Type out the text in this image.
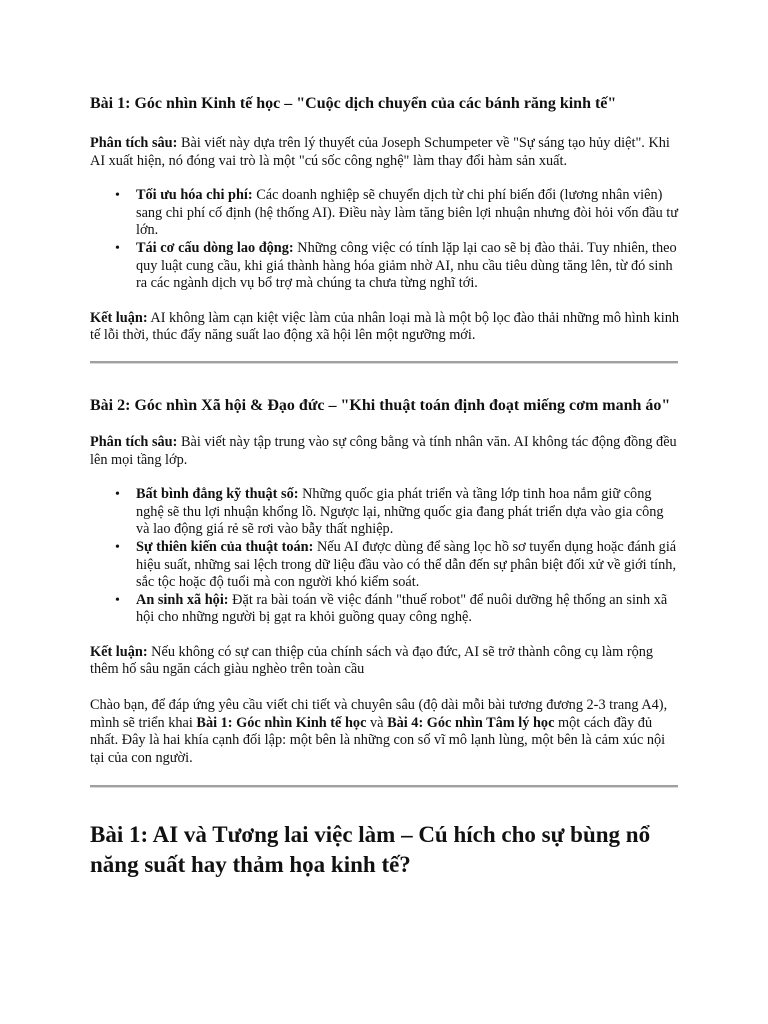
Bài 1: Góc nhìn Kinh tế học – "Cuộc dịch chuyển của các bánh răng kinh tế"

Phân tích sâu: Bài viết này dựa trên lý thuyết của Joseph Schumpeter về "Sự sáng tạo hủy diệt". Khi AI xuất hiện, nó đóng vai trò là một "cú sốc công nghệ" làm thay đổi hàm sản xuất.

• Tối ưu hóa chi phí: Các doanh nghiệp sẽ chuyển dịch từ chi phí biến đổi (lương nhân viên) sang chi phí cố định (hệ thống AI). Điều này làm tăng biên lợi nhuận nhưng đòi hỏi vốn đầu tư lớn.
• Tái cơ cấu dòng lao động: Những công việc có tính lặp lại cao sẽ bị đào thải. Tuy nhiên, theo quy luật cung cầu, khi giá thành hàng hóa giảm nhờ AI, nhu cầu tiêu dùng tăng lên, từ đó sinh ra các ngành dịch vụ bổ trợ mà chúng ta chưa từng nghĩ tới.

Kết luận: AI không làm cạn kiệt việc làm của nhân loại mà là một bộ lọc đào thải những mô hình kinh tế lỗi thời, thúc đẩy năng suất lao động xã hội lên một ngưỡng mới.

Bài 2: Góc nhìn Xã hội & Đạo đức – "Khi thuật toán định đoạt miếng cơm manh áo"

Phân tích sâu: Bài viết này tập trung vào sự công bằng và tính nhân văn. AI không tác động đồng đều lên mọi tầng lớp.

• Bất bình đẳng kỹ thuật số: Những quốc gia phát triển và tầng lớp tinh hoa nắm giữ công nghệ sẽ thu lợi nhuận khổng lồ. Ngược lại, những quốc gia đang phát triển dựa vào gia công và lao động giá rẻ sẽ rơi vào bẫy thất nghiệp.
• Sự thiên kiến của thuật toán: Nếu AI được dùng để sàng lọc hồ sơ tuyển dụng hoặc đánh giá hiệu suất, những sai lệch trong dữ liệu đầu vào có thể dẫn đến sự phân biệt đối xử về giới tính, sắc tộc hoặc độ tuổi mà con người khó kiểm soát.
• An sinh xã hội: Đặt ra bài toán về việc đánh "thuế robot" để nuôi dưỡng hệ thống an sinh xã hội cho những người bị gạt ra khỏi guồng quay công nghệ.

Kết luận: Nếu không có sự can thiệp của chính sách và đạo đức, AI sẽ trở thành công cụ làm rộng thêm hố sâu ngăn cách giàu nghèo trên toàn cầu

Chào bạn, để đáp ứng yêu cầu viết chi tiết và chuyên sâu (độ dài mỗi bài tương đương 2-3 trang A4), mình sẽ triển khai Bài 1: Góc nhìn Kinh tế học và Bài 4: Góc nhìn Tâm lý học một cách đầy đủ nhất. Đây là hai khía cạnh đối lập: một bên là những con số vĩ mô lạnh lùng, một bên là cảm xúc nội tại của con người.

Bài 1: AI và Tương lai việc làm – Cú hích cho sự bùng nổ năng suất hay thảm họa kinh tế?
